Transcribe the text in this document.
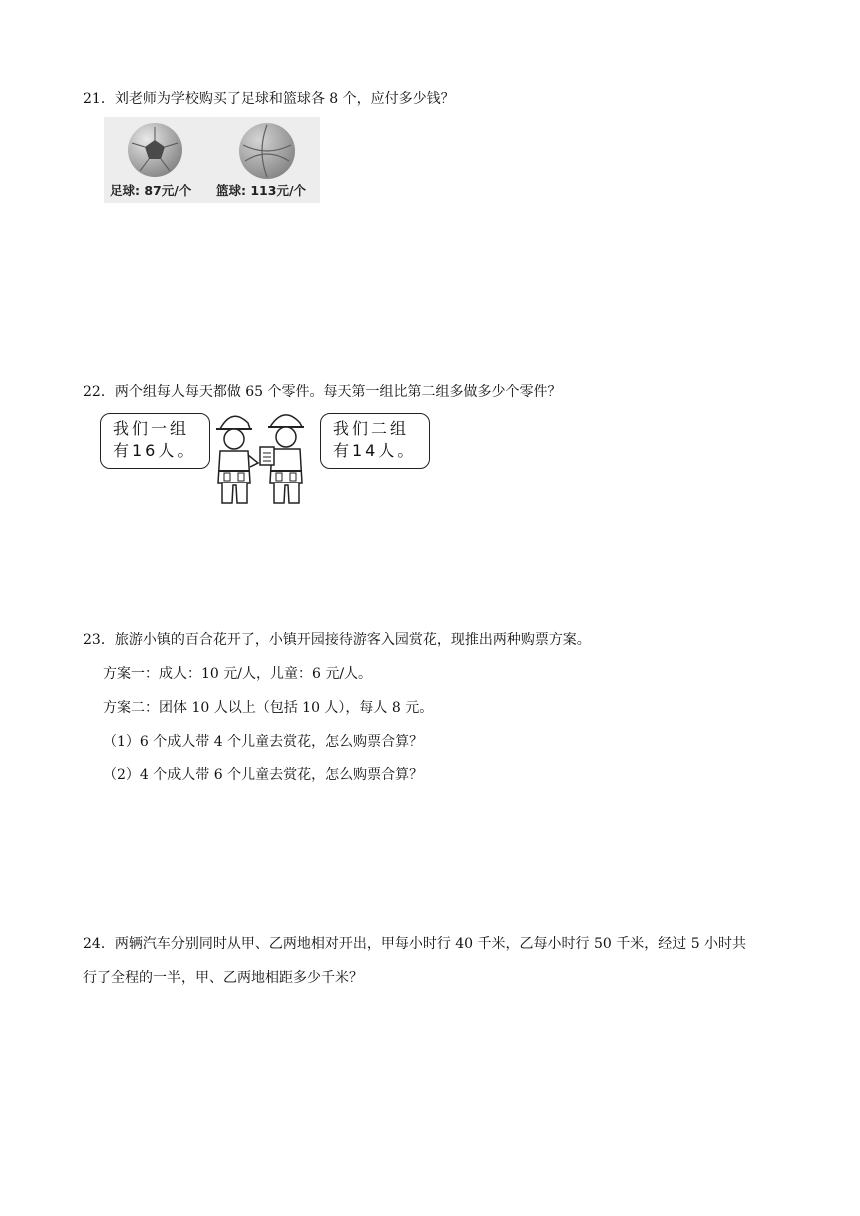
21．刘老师为学校购买了足球和篮球各 8 个，应付多少钱？
足球: 87元/个 篮球: 113元/个
22．两个组每人每天都做 65 个零件。每天第一组比第二组多做多少个零件？
我们一组
有16人。
我们二组
有14人。
23．旅游小镇的百合花开了，小镇开园接待游客入园赏花，现推出两种购票方案。
方案一：成人：10 元/人，儿童：6 元/人。
方案二：团体 10 人以上（包括 10 人），每人 8 元。
（1）6 个成人带 4 个儿童去赏花，怎么购票合算？
（2）4 个成人带 6 个儿童去赏花，怎么购票合算？
24．两辆汽车分别同时从甲、乙两地相对开出，甲每小时行 40 千米，乙每小时行 50 千米，经过 5 小时共
行了全程的一半，甲、乙两地相距多少千米？
